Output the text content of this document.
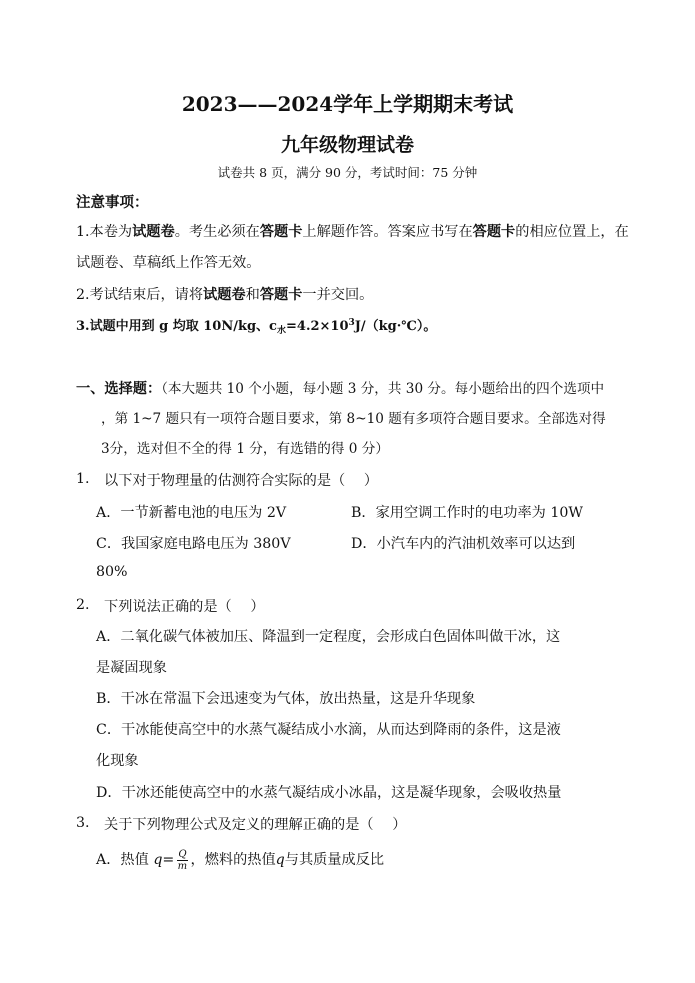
2023——2024学年上学期期末考试
九年级物理试卷
试卷共 8 页，满分 90 分，考试时间：75 分钟
注意事项：
1.本卷为试题卷。考生必须在答题卡上解题作答。答案应书写在答题卡的相应位置上，在
试题卷、草稿纸上作答无效。
2.考试结束后，请将试题卷和答题卡一并交回。
3.试题中用到 g 均取 10N/kg、$c_水=4.2\times 10^3J/(kg\cdot℃)$。
一、选择题：（本大题共 10 个小题，每小题 3 分，共 30 分。每小题给出的四个选项中
，第 1~7 题只有一项符合题目要求，第 8~10 题有多项符合题目要求。全部选对得
3分，选对但不全的得 1 分，有选错的得 0 分）
1. 以下对于物理量的估测符合实际的是（　 ）
A．一节新蓄电池的电压为 2V	B．家用空调工作时的电功率为 10W
C．我国家庭电路电压为 380V	D．小汽车内的汽油机效率可以达到
80%
2. 下列说法正确的是（　 ）
A．二氧化碳气体被加压、降温到一定程度，会形成白色固体叫做干冰，这
是凝固现象
B．干冰在常温下会迅速变为气体，放出热量，这是升华现象
C．干冰能使高空中的水蒸气凝结成小水滴，从而达到降雨的条件，这是液
化现象
D．干冰还能使高空中的水蒸气凝结成小冰晶，这是凝华现象，会吸收热量
3. 关于下列物理公式及定义的理解正确的是（　 ）
A．热值 $q= \frac{Q}{m}$ ，燃料的热值q与其质量成反比
